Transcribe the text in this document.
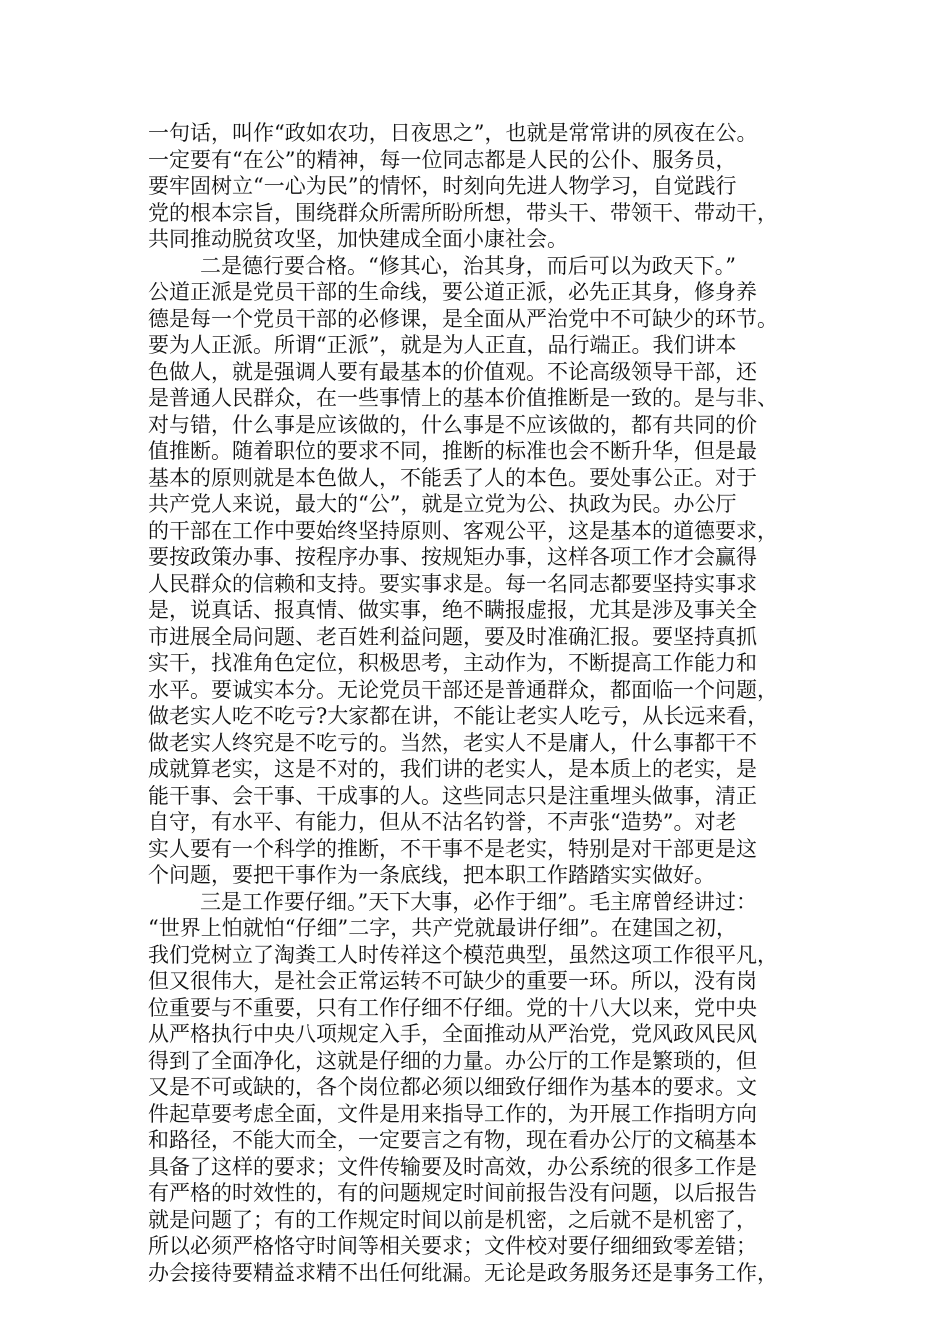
一句话，叫作“政如农功，日夜思之”，也就是常常讲的夙夜在公。
一定要有“在公”的精神，每一位同志都是人民的公仆、服务员，
要牢固树立“一心为民”的情怀，时刻向先进人物学习，自觉践行
党的根本宗旨，围绕群众所需所盼所想，带头干、带领干、带动干，
共同推动脱贫攻坚，加快建成全面小康社会。
二是德行要合格。“修其心，治其身，而后可以为政天下。”
公道正派是党员干部的生命线，要公道正派，必先正其身，修身养
德是每一个党员干部的必修课，是全面从严治党中不可缺少的环节。
要为人正派。所谓“正派”，就是为人正直，品行端正。我们讲本
色做人，就是强调人要有最基本的价值观。不论高级领导干部，还
是普通人民群众，在一些事情上的基本价值推断是一致的。是与非、
对与错，什么事是应该做的，什么事是不应该做的，都有共同的价
值推断。随着职位的要求不同，推断的标准也会不断升华，但是最
基本的原则就是本色做人，不能丢了人的本色。要处事公正。对于
共产党人来说，最大的“公”，就是立党为公、执政为民。办公厅
的干部在工作中要始终坚持原则、客观公平，这是基本的道德要求，
要按政策办事、按程序办事、按规矩办事，这样各项工作才会赢得
人民群众的信赖和支持。要实事求是。每一名同志都要坚持实事求
是，说真话、报真情、做实事，绝不瞒报虚报，尤其是涉及事关全
市进展全局问题、老百姓利益问题，要及时准确汇报。要坚持真抓
实干，找准角色定位，积极思考，主动作为，不断提高工作能力和
水平。要诚实本分。无论党员干部还是普通群众，都面临一个问题，
做老实人吃不吃亏?大家都在讲，不能让老实人吃亏，从长远来看，
做老实人终究是不吃亏的。当然，老实人不是庸人，什么事都干不
成就算老实，这是不对的，我们讲的老实人，是本质上的老实，是
能干事、会干事、干成事的人。这些同志只是注重埋头做事，清正
自守，有水平、有能力，但从不沽名钓誉，不声张“造势”。对老
实人要有一个科学的推断，不干事不是老实，特别是对干部更是这
个问题，要把干事作为一条底线，把本职工作踏踏实实做好。
三是工作要仔细。”天下大事，必作于细”。毛主席曾经讲过：
“世界上怕就怕“仔细”二字，共产党就最讲仔细”。在建国之初，
我们党树立了淘粪工人时传祥这个模范典型，虽然这项工作很平凡，
但又很伟大，是社会正常运转不可缺少的重要一环。所以，没有岗
位重要与不重要，只有工作仔细不仔细。党的十八大以来，党中央
从严格执行中央八项规定入手，全面推动从严治党，党风政风民风
得到了全面净化，这就是仔细的力量。办公厅的工作是繁琐的，但
又是不可或缺的，各个岗位都必须以细致仔细作为基本的要求。文
件起草要考虑全面，文件是用来指导工作的，为开展工作指明方向
和路径，不能大而全，一定要言之有物，现在看办公厅的文稿基本
具备了这样的要求；文件传输要及时高效，办公系统的很多工作是
有严格的时效性的，有的问题规定时间前报告没有问题，以后报告
就是问题了；有的工作规定时间以前是机密，之后就不是机密了，
所以必须严格恪守时间等相关要求；文件校对要仔细细致零差错；
办会接待要精益求精不出任何纰漏。无论是政务服务还是事务工作，
